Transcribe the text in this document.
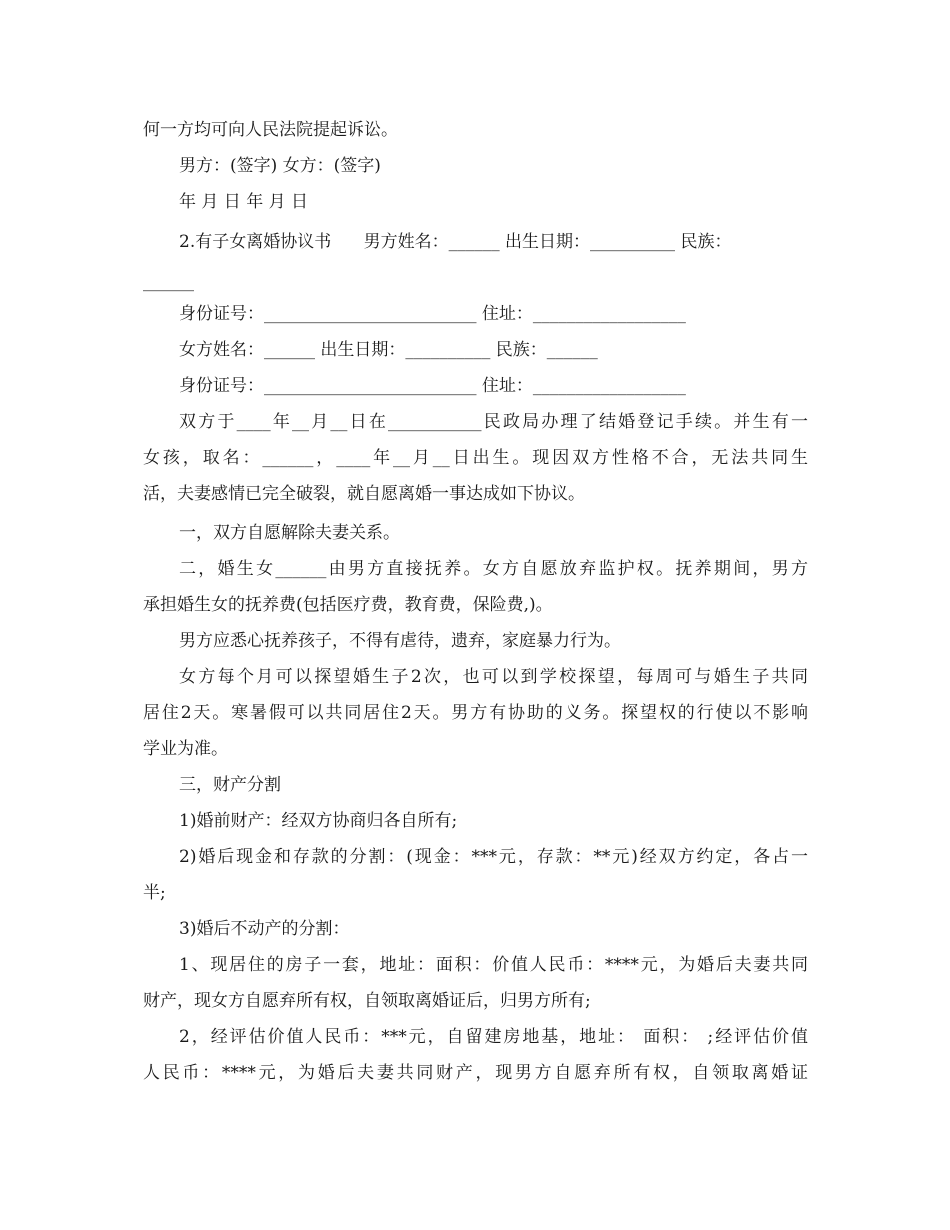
何一方均可向人民法院提起诉讼。
男方：(签字) 女方：(签字)
年 月 日 年 月 日
2.有子女离婚协议书      男方姓名：______ 出生日期：__________ 民族：
______
身份证号：_________________________ 住址：__________________
女方姓名：______ 出生日期：__________ 民族：______
身份证号：_________________________ 住址：__________________
双方于____年__月__日在___________民政局办理了结婚登记手续。并生有一
女孩，取名：______，____年__月__日出生。现因双方性格不合，无法共同生
活，夫妻感情已完全破裂，就自愿离婚一事达成如下协议。
一，双方自愿解除夫妻关系。
二，婚生女______由男方直接抚养。女方自愿放弃监护权。抚养期间，男方
承担婚生女的抚养费(包括医疗费，教育费，保险费,)。
男方应悉心抚养孩子，不得有虐待，遗弃，家庭暴力行为。
女方每个月可以探望婚生子2次，也可以到学校探望，每周可与婚生子共同
居住2天。寒暑假可以共同居住2天。男方有协助的义务。探望权的行使以不影响
学业为准。
三，财产分割
1)婚前财产：经双方协商归各自所有;
2)婚后现金和存款的分割：(现金：***元，存款：**元)经双方约定，各占一
半;
3)婚后不动产的分割：
1、现居住的房子一套，地址：面积：价值人民币：****元，为婚后夫妻共同
财产，现女方自愿弃所有权，自领取离婚证后，归男方所有;
2，经评估价值人民币：***元，自留建房地基，地址： 面积： ;经评估价值
人民币：****元，为婚后夫妻共同财产，现男方自愿弃所有权，自领取离婚证
